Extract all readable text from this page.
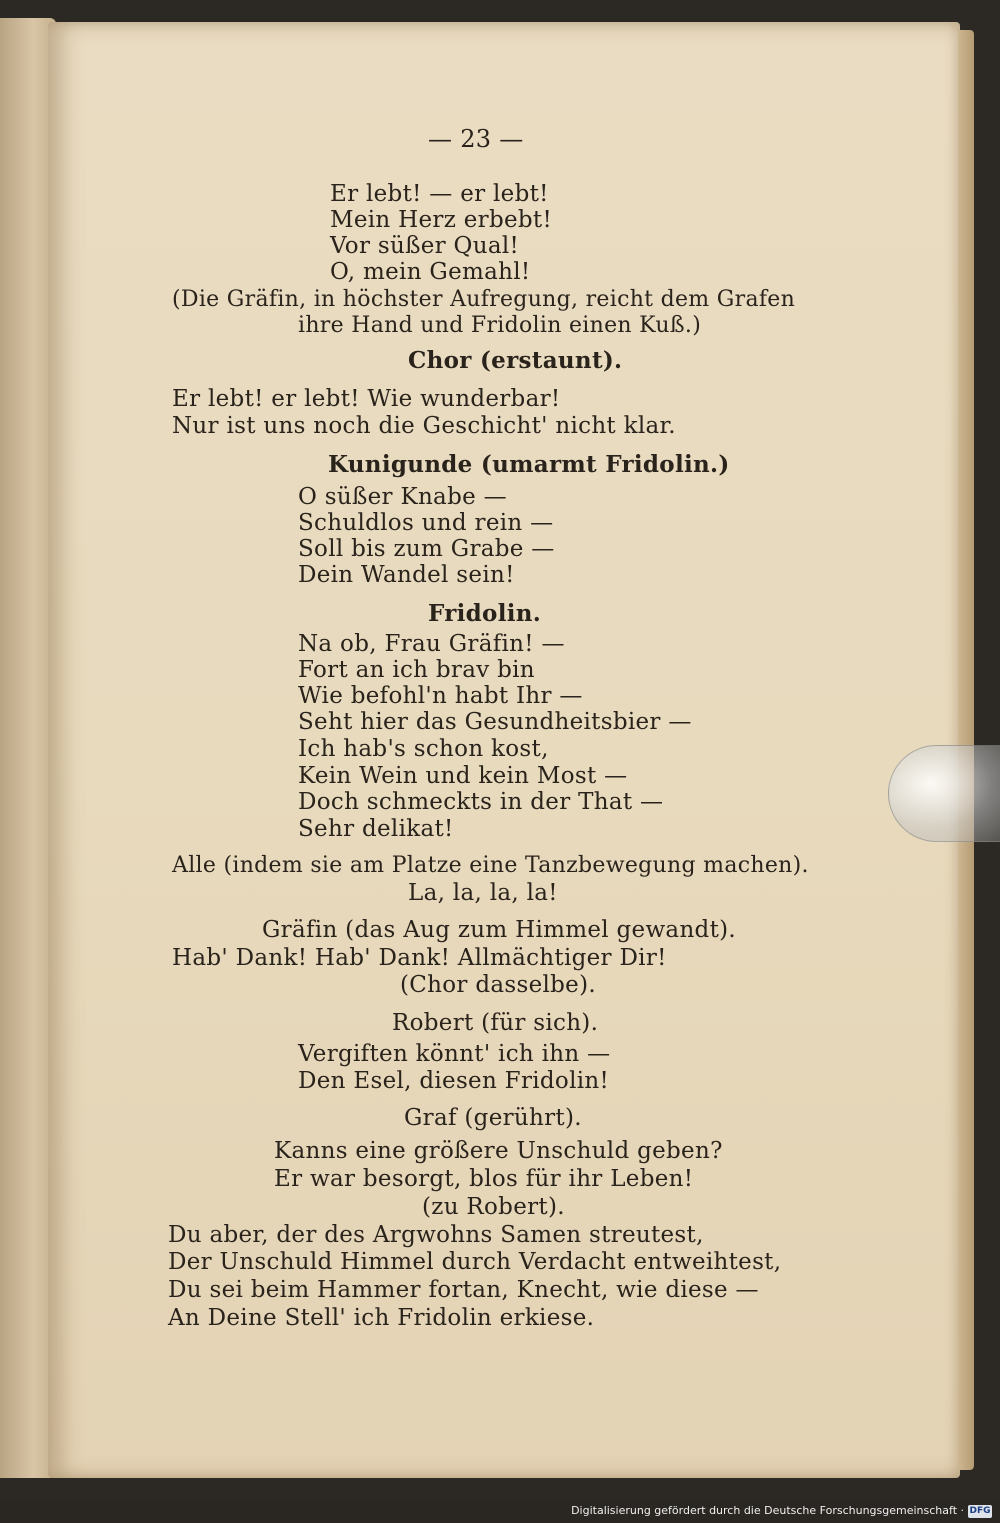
— 23 —
Er lebt! — er lebt!
Mein Herz erbebt!
Vor süßer Qual!
O, mein Gemahl!
(Die Gräfin, in höchster Aufregung, reicht dem Grafen
ihre Hand und Fridolin einen Kuß.)
Chor (erstaunt).
Er lebt! er lebt! Wie wunderbar!
Nur ist uns noch die Geschicht' nicht klar.
Kunigunde (umarmt Fridolin.)
O süßer Knabe —
Schuldlos und rein —
Soll bis zum Grabe —
Dein Wandel sein!
Fridolin.
Na ob, Frau Gräfin! —
Fort an ich brav bin
Wie befohl'n habt Ihr —
Seht hier das Gesundheitsbier —
Ich hab's schon kost,
Kein Wein und kein Most —
Doch schmeckts in der That —
Sehr delikat!
Alle (indem sie am Platze eine Tanzbewegung machen).
La, la, la, la!
Gräfin (das Aug zum Himmel gewandt).
Hab' Dank! Hab' Dank! Allmächtiger Dir!
(Chor dasselbe).
Robert (für sich).
Vergiften könnt' ich ihn —
Den Esel, diesen Fridolin!
Graf (gerührt).
Kanns eine größere Unschuld geben?
Er war besorgt, blos für ihr Leben!
(zu Robert).
Du aber, der des Argwohns Samen streutest,
Der Unschuld Himmel durch Verdacht entweihtest,
Du sei beim Hammer fortan, Knecht, wie diese —
An Deine Stell' ich Fridolin erkiese.
Digitalisierung gefördert durch die Deutsche Forschungsgemeinschaft · DFG
